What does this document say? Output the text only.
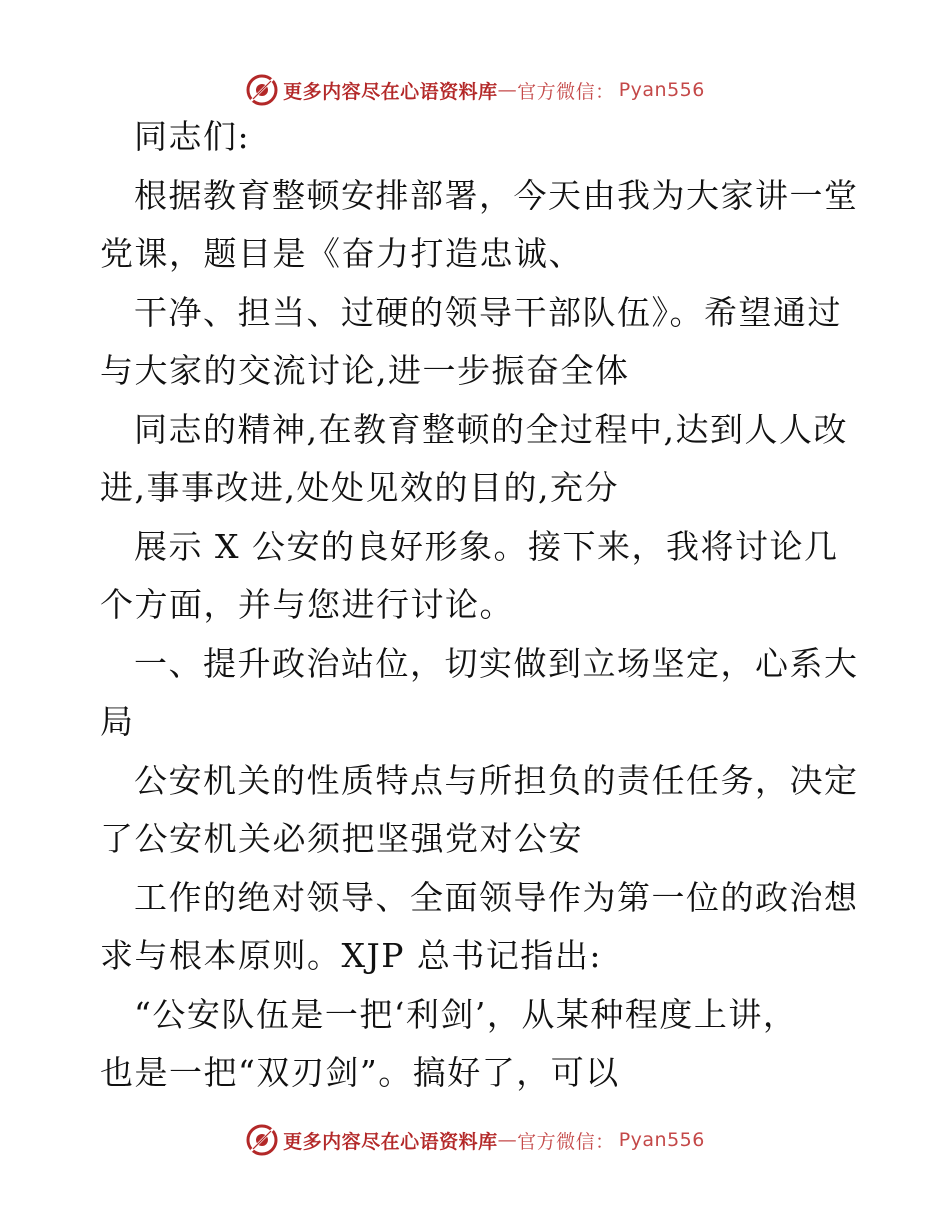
更多内容尽在心语资料库 — 官方微信： Pyan556
同志们:
根据教育整顿安排部署，今天由我为大家讲一堂
党课，题目是《奋力打造忠诚、
干净、担当、过硬的领导干部队伍》。希望通过
与大家的交流讨论,进一步振奋全体
同志的精神,在教育整顿的全过程中,达到人人改
进,事事改进,处处见效的目的,充分
展示 X 公安的良好形象。接下来，我将讨论几
个方面，并与您进行讨论。
一、提升政治站位，切实做到立场坚定，心系大
局
公安机关的性质特点与所担负的责任任务，决定
了公安机关必须把坚强党对公安
工作的绝对领导、全面领导作为第一位的政治想
求与根本原则。XJP 总书记指出:
“公安队伍是一把‘利剑’，从某种程度上讲，
也是一把“双刃剑”。搞好了，可以
更多内容尽在心语资料库 — 官方微信： Pyan556
